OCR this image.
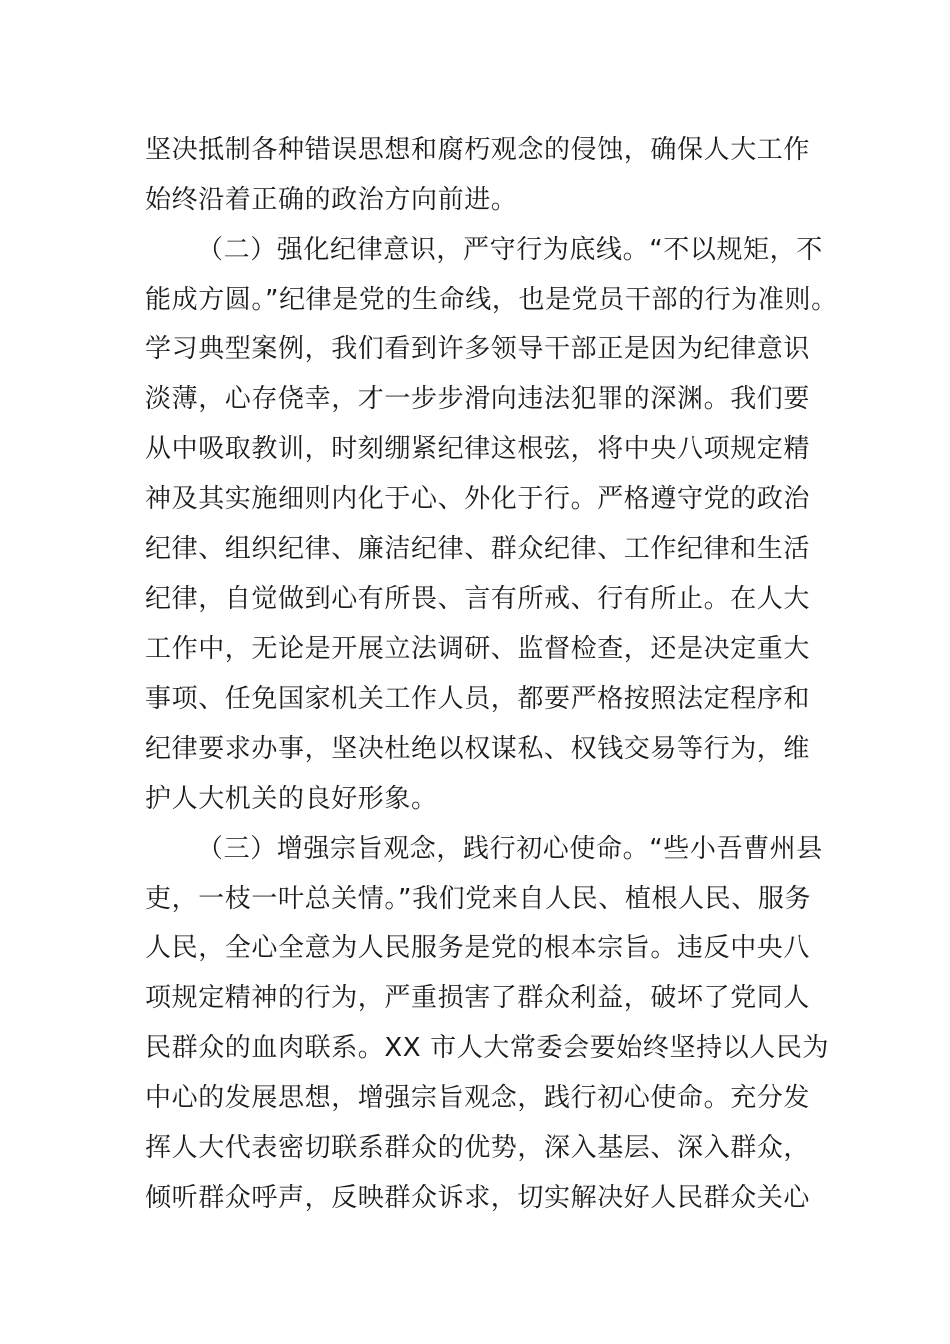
坚决抵制各种错误思想和腐朽观念的侵蚀，确保人大工作
始终沿着正确的政治方向前进。
（二）强化纪律意识，严守行为底线。“不以规矩，不
能成方圆。”纪律是党的生命线，也是党员干部的行为准则。
学习典型案例，我们看到许多领导干部正是因为纪律意识
淡薄，心存侥幸，才一步步滑向违法犯罪的深渊。我们要
从中吸取教训，时刻绷紧纪律这根弦，将中央八项规定精
神及其实施细则内化于心、外化于行。严格遵守党的政治
纪律、组织纪律、廉洁纪律、群众纪律、工作纪律和生活
纪律，自觉做到心有所畏、言有所戒、行有所止。在人大
工作中，无论是开展立法调研、监督检查，还是决定重大
事项、任免国家机关工作人员，都要严格按照法定程序和
纪律要求办事，坚决杜绝以权谋私、权钱交易等行为，维
护人大机关的良好形象。
（三）增强宗旨观念，践行初心使命。“些小吾曹州县
吏，一枝一叶总关情。”我们党来自人民、植根人民、服务
人民，全心全意为人民服务是党的根本宗旨。违反中央八
项规定精神的行为，严重损害了群众利益，破坏了党同人
民群众的血肉联系。XX 市人大常委会要始终坚持以人民为
中心的发展思想，增强宗旨观念，践行初心使命。充分发
挥人大代表密切联系群众的优势，深入基层、深入群众，
倾听群众呼声，反映群众诉求，切实解决好人民群众关心
